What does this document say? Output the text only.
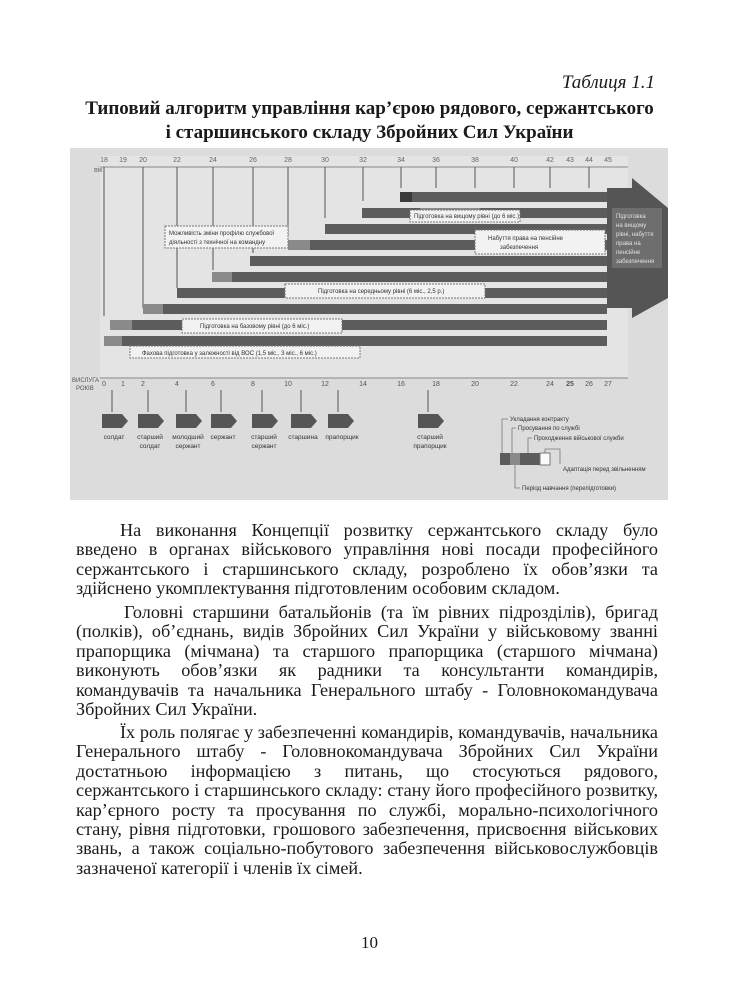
Таблиця 1.1
Типовий алгоритм управління кар’єрою рядового, сержантського
і старшинського складу Збройних Сил України
вік
18 19 20	22	24	26	28	30	32	34	36	38	40	42 43 44 45
Підготовка
на вищому
рівні, набуття
права на
пенсійне
забезпечення
Підготовка на вищому рівні (до 6 міс.)
Можливість зміни профілю службової
діяльності з технічної на командну
Набуття права на пенсійне
забезпечення
Підготовка на середньому рівні (6 міс., 2,5 р.)
Підготовка на базовому рівні (до 6 міс.)
Фахова підготовка у залежності від ВОС (1,5 міс., 3 міс., 6 міс.)
ВИСЛУГА
РОКІВ
0 1 2	4	6	8	10	12	14	16	18	20	22	24 25 26 27
солдат старший
солдат
молодший
сержант
сержант старший
сержант
старшина прапорщик	старший
прапорщик
Укладання контракту
Просування по службі
Проходження військової служби
Адаптація перед звільненням
Період навчання (перепідготовки)

На виконання Концепції розвитку сержантського складу було введено в органах військового управління нові посади професійного сержантського і старшинського складу, розроблено їх обов’язки та здійснено укомплектування підготовленим особовим складом.

Головні старшини батальйонів (та їм рівних підрозділів), бригад (полків), об’єднань, видів Збройних Сил України у військовому званні прапорщика (мічмана) та старшого прапорщика (старшого мічмана) виконують обов’язки як радники та консультанти командирів, командувачів та начальника Генерального штабу - Головнокомандувача Збройних Сил України.

Їх роль полягає у забезпеченні командирів, командувачів, начальника Генерального штабу - Головнокомандувача Збройних Сил України достатньою інформацією з питань, що стосуються рядового, сержантського і старшинського складу: стану його професійного розвитку, кар’єрного росту та просування по службі, морально-психологічного стану, рівня підготовки, грошового забезпечення, присвоєння військових звань, а також соціально-побутового забезпечення військовослужбовців зазначеної категорії і членів їх сімей.

10
